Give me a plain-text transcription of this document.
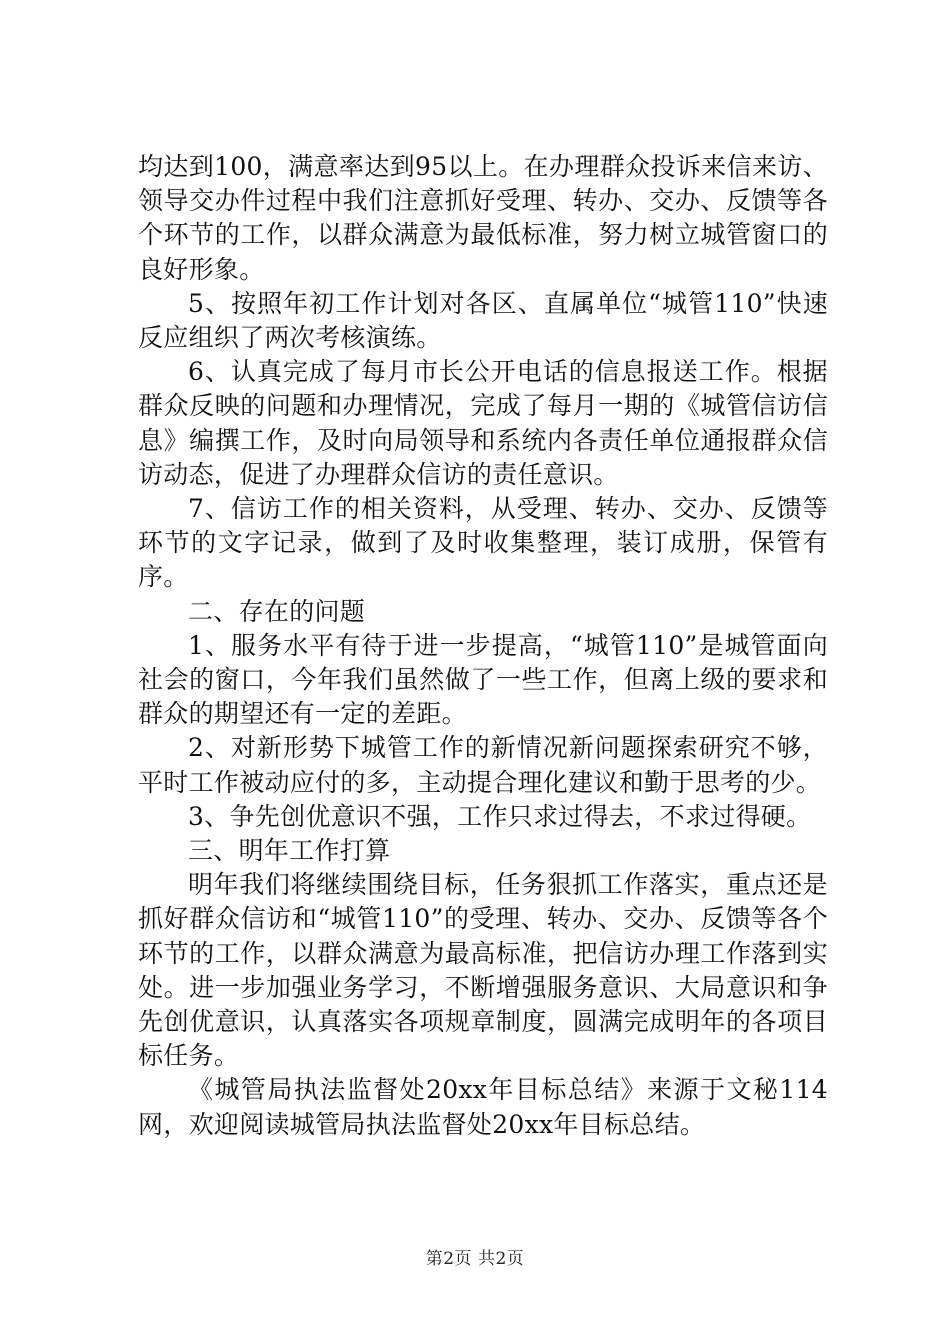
均达到100，满意率达到95以上。在办理群众投诉来信来访、领导交办件过程中我们注意抓好受理、转办、交办、反馈等各个环节的工作，以群众满意为最低标准，努力树立城管窗口的良好形象。

5、按照年初工作计划对各区、直属单位“城管110”快速反应组织了两次考核演练。

6、认真完成了每月市长公开电话的信息报送工作。根据群众反映的问题和办理情况，完成了每月一期的《城管信访信息》编撰工作，及时向局领导和系统内各责任单位通报群众信访动态，促进了办理群众信访的责任意识。

7、信访工作的相关资料，从受理、转办、交办、反馈等环节的文字记录，做到了及时收集整理，装订成册，保管有序。

二、存在的问题

1、服务水平有待于进一步提高，“城管110”是城管面向社会的窗口，今年我们虽然做了一些工作，但离上级的要求和群众的期望还有一定的差距。

2、对新形势下城管工作的新情况新问题探索研究不够，平时工作被动应付的多，主动提合理化建议和勤于思考的少。

3、争先创优意识不强，工作只求过得去，不求过得硬。

三、明年工作打算

明年我们将继续围绕目标，任务狠抓工作落实，重点还是抓好群众信访和“城管110”的受理、转办、交办、反馈等各个环节的工作，以群众满意为最高标准，把信访办理工作落到实处。进一步加强业务学习，不断增强服务意识、大局意识和争先创优意识，认真落实各项规章制度，圆满完成明年的各项目标任务。

《城管局执法监督处20xx年目标总结》来源于文秘114网，欢迎阅读城管局执法监督处20xx年目标总结。

第2页 共2页
